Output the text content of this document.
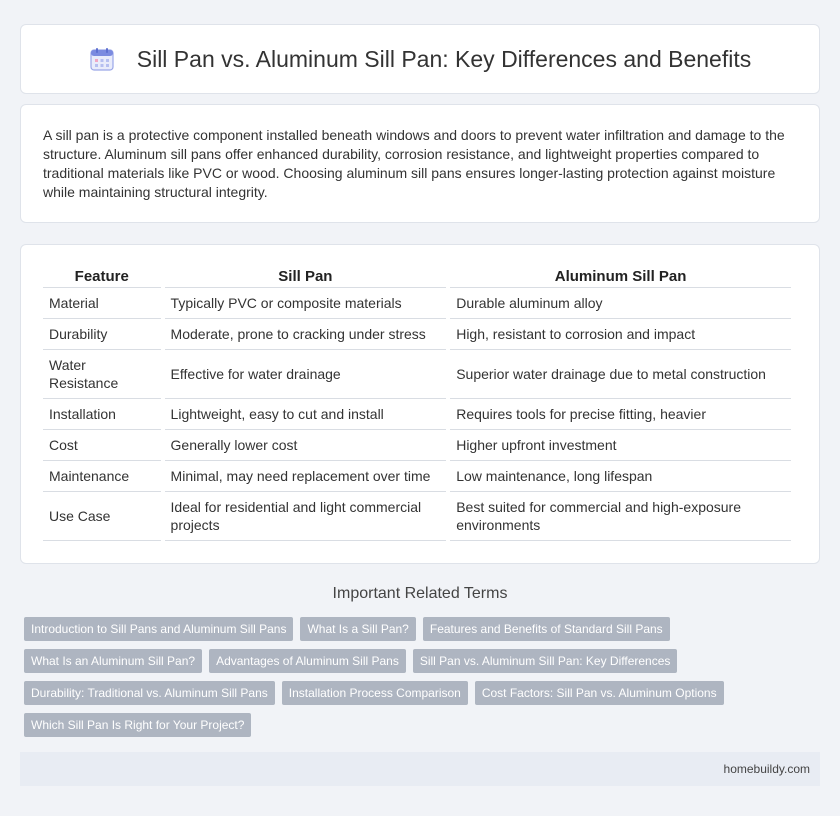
Sill Pan vs. Aluminum Sill Pan: Key Differences and Benefits

A sill pan is a protective component installed beneath windows and doors to prevent water infiltration and damage to the structure. Aluminum sill pans offer enhanced durability, corrosion resistance, and lightweight properties compared to traditional materials like PVC or wood. Choosing aluminum sill pans ensures longer-lasting protection against moisture while maintaining structural integrity.

Feature	Sill Pan	Aluminum Sill Pan
Material	Typically PVC or composite materials	Durable aluminum alloy
Durability	Moderate, prone to cracking under stress	High, resistant to corrosion and impact
Water Resistance	Effective for water drainage	Superior water drainage due to metal construction
Installation	Lightweight, easy to cut and install	Requires tools for precise fitting, heavier
Cost	Generally lower cost	Higher upfront investment
Maintenance	Minimal, may need replacement over time	Low maintenance, long lifespan
Use Case	Ideal for residential and light commercial projects	Best suited for commercial and high-exposure environments
Important Related Terms
Introduction to Sill Pans and Aluminum Sill Pans	What Is a Sill Pan?	Features and Benefits of Standard Sill Pans
What Is an Aluminum Sill Pan?	Advantages of Aluminum Sill Pans	Sill Pan vs. Aluminum Sill Pan: Key Differences
Durability: Traditional vs. Aluminum Sill Pans	Installation Process Comparison	Cost Factors: Sill Pan vs. Aluminum Options
Which Sill Pan Is Right for Your Project?
homebuildy.com
